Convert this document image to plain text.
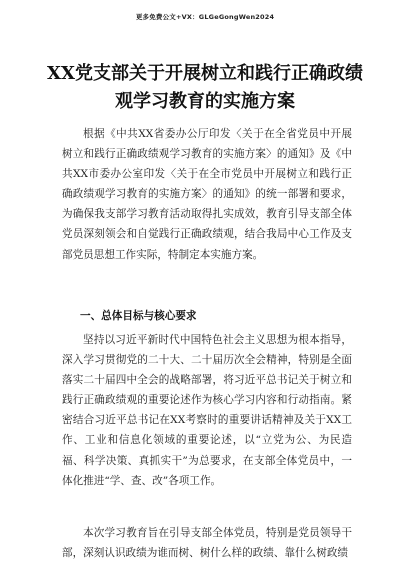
更多免费公文+VX：GLGeGongWen2024
XX党支部关于开展树立和践行正确政绩观学习教育的实施方案

根据《中共XX省委办公厅印发〈关于在全省党员中开展树立和践行正确政绩观学习教育的实施方案〉的通知》及《中共XX市委办公室印发〈关于在全市党员中开展树立和践行正确政绩观学习教育的实施方案〉的通知》的统一部署和要求，为确保我支部学习教育活动取得扎实成效，教育引导支部全体党员深刻领会和自觉践行正确政绩观，结合我局中心工作及支部党员思想工作实际，特制定本实施方案。

一、总体目标与核心要求

坚持以习近平新时代中国特色社会主义思想为根本指导，深入学习贯彻党的二十大、二十届历次全会精神，特别是全面落实二十届四中全会的战略部署，将习近平总书记关于树立和践行正确政绩观的重要论述作为核心学习内容和行动指南。紧密结合习近平总书记在XX考察时的重要讲话精神及关于XX工作、工业和信息化领域的重要论述，以“立党为公、为民造福、科学决策、真抓实干”为总要求，在支部全体党员中，一体化推进“学、查、改”各项工作。

本次学习教育旨在引导支部全体党员，特别是党员领导干部，深刻认识政绩为谁而树、树什么样的政绩、靠什么树政绩
